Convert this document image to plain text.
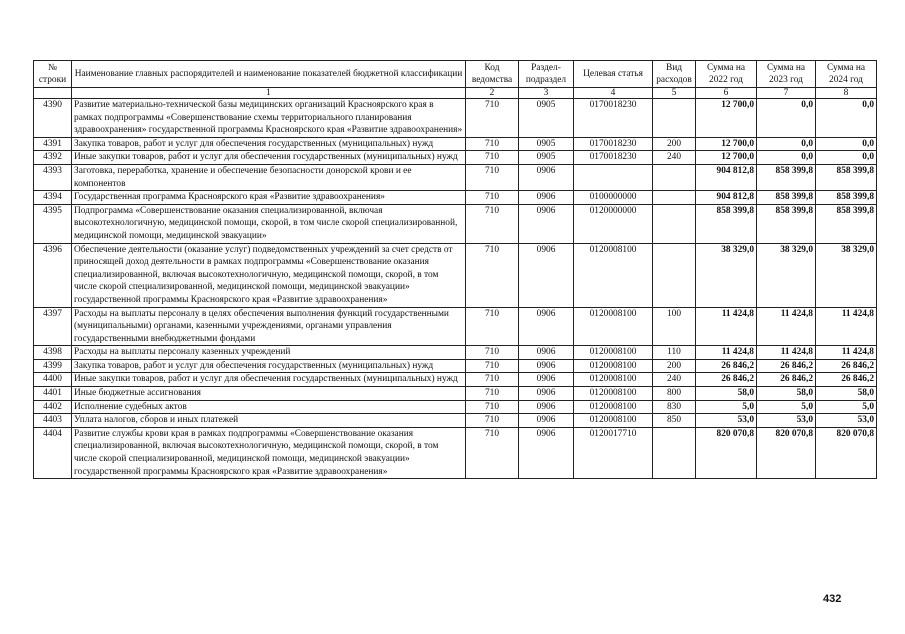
№ строки	Наименование главных распорядителей и наименование показателей бюджетной классификации	Код ведомства	Раздел-подраздел	Целевая статья	Вид расходов	Сумма на 2022 год	Сумма на 2023 год	Сумма на 2024 год
	1	2	3	4	5	6	7	8
4390	Развитие материально-технической базы медицинских организаций Красноярского края в рамках подпрограммы «Совершенствование схемы территориального планирования здравоохранения» государственной программы Красноярского края «Развитие здравоохранения»	710	0905	0170018230		12 700,0	0,0	0,0
4391	Закупка товаров, работ и услуг для обеспечения государственных (муниципальных) нужд	710	0905	0170018230	200	12 700,0	0,0	0,0
4392	Иные закупки товаров, работ и услуг для обеспечения государственных (муниципальных) нужд	710	0905	0170018230	240	12 700,0	0,0	0,0
4393	Заготовка, переработка, хранение и обеспечение безопасности донорской крови и ее компонентов	710	0906			904 812,8	858 399,8	858 399,8
4394	Государственная программа Красноярского края «Развитие здравоохранения»	710	0906	0100000000		904 812,8	858 399,8	858 399,8
4395	Подпрограмма «Совершенствование оказания специализированной, включая высокотехнологичную, медицинской помощи, скорой, в том числе скорой специализированной, медицинской помощи, медицинской эвакуации»	710	0906	0120000000		858 399,8	858 399,8	858 399,8
4396	Обеспечение деятельности (оказание услуг) подведомственных учреждений за счет средств от приносящей доход деятельности в рамках подпрограммы «Совершенствование оказания специализированной, включая высокотехнологичную, медицинской помощи, скорой, в том числе скорой специализированной, медицинской помощи, медицинской эвакуации» государственной программы Красноярского края «Развитие здравоохранения»	710	0906	0120008100		38 329,0	38 329,0	38 329,0
4397	Расходы на выплаты персоналу в целях обеспечения выполнения функций государственными (муниципальными) органами, казенными учреждениями, органами управления государственными внебюджетными фондами	710	0906	0120008100	100	11 424,8	11 424,8	11 424,8
4398	Расходы на выплаты персоналу казенных учреждений	710	0906	0120008100	110	11 424,8	11 424,8	11 424,8
4399	Закупка товаров, работ и услуг для обеспечения государственных (муниципальных) нужд	710	0906	0120008100	200	26 846,2	26 846,2	26 846,2
4400	Иные закупки товаров, работ и услуг для обеспечения государственных (муниципальных) нужд	710	0906	0120008100	240	26 846,2	26 846,2	26 846,2
4401	Иные бюджетные ассигнования	710	0906	0120008100	800	58,0	58,0	58,0
4402	Исполнение судебных актов	710	0906	0120008100	830	5,0	5,0	5,0
4403	Уплата налогов, сборов и иных платежей	710	0906	0120008100	850	53,0	53,0	53,0
4404	Развитие службы крови края в рамках подпрограммы «Совершенствование оказания специализированной, включая высокотехнологичную, медицинской помощи, скорой, в том числе скорой специализированной, медицинской помощи, медицинской эвакуации» государственной программы Красноярского края «Развитие здравоохранения»	710	0906	0120017710		820 070,8	820 070,8	820 070,8
432
